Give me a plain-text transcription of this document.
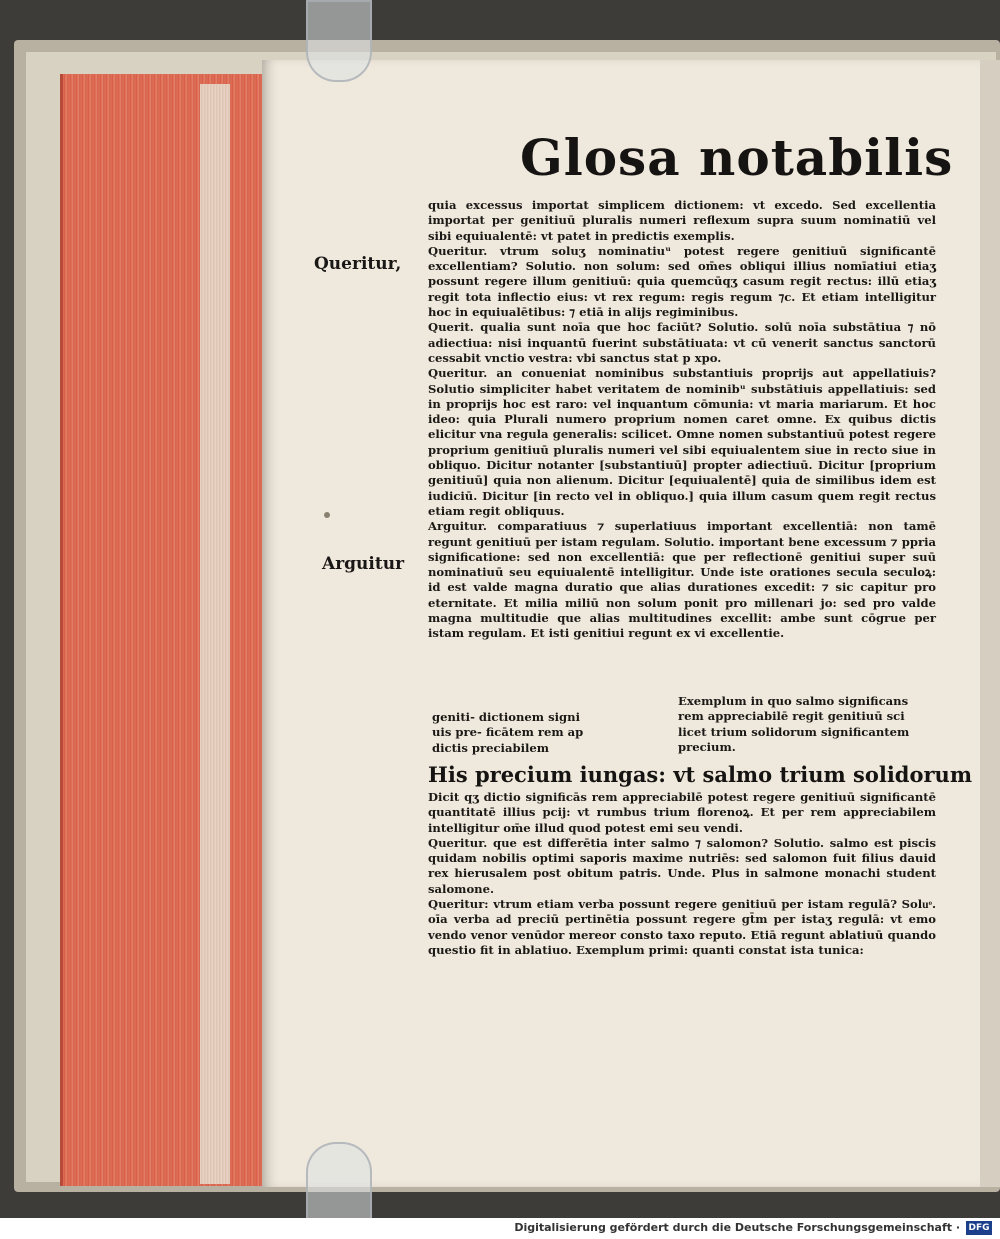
Glosa notabilis
Queritur,
Arguitur

quia excessus importat simplicem dictionem: vt excedo. Sed excellentia importat per genitiuū pluralis numeri reflexum supra suum nominatiū vel sibi equiualentē: vt patet in predictis exemplis.

Queritur. vtrum soluʒ nominatiuᵘ potest regere genitiuū significantē excellentiam? Solutio. non solum: sed om̄es obliqui illius nomīatiui etiaʒ possunt regere illum genitiuū: quia quemcūqʒ casum regit rectus: illū etiaʒ regit tota inflectio eius: vt rex regum: regis regum ⁊c. Et etiam intelligitur hoc in equiualētibus: ⁊ etiā in alijs regiminibus.

Querit. qualia sunt noīa que hoc faciūt? Solutio. solū noīa substātiua ⁊ nō adiectiua: nisi inquantū fuerint substātiuata: vt cū venerit sanctus sanctorū cessabit vnctio vestra: vbi sanctus stat p xpo.

Queritur. an conueniat nominibus substantiuis proprijs aut appellatiuis? Solutio simpliciter habet veritatem de nominibᵘ substātiuis appellatiuis: sed in proprijs hoc est raro: vel inquantum cōmunia: vt maria mariarum. Et hoc ideo: quia Plurali numero proprium nomen caret omne. Ex quibus dictis elicitur vna regula generalis: scilicet. Omne nomen substantiuū potest regere proprium genitiuū pluralis numeri vel sibi equiualentem siue in recto siue in obliquo. Dicitur notanter [substantiuū] propter adiectiuū. Dicitur [proprium genitiuū] quia non alienum. Dicitur [equiualentē] quia de similibus idem est iudiciū. Dicitur [in recto vel in obliquo.] quia illum casum quem regit rectus etiam regit obliquus.

Arguitur. comparatiuus ⁊ superlatiuus important excellentiā: non tamē regunt genitiuū per istam regulam. Solutio. important bene excessum ⁊ ppria significatione: sed non excellentiā: que per reflectionē genitiui super suū nominatiuū seu equiualentē intelligitur. Unde iste orationes secula seculoꝝ: id est valde magna duratio que alias durationes excedit: ⁊ sic capitur pro eternitate. Et milia miliū non solum ponit pro millenari jo: sed pro valde magna multitudie que alias multitudines excellit: ambe sunt cōgrue per istam regulam. Et isti genitiui regunt ex vi excellentie.

geniti- dictionem signi
uis pre- ficātem rem ap
dictis preciabilem
Exemplum in quo salmo significans
rem appreciabilē regit genitiuū sci
licet trium solidorum significantem
precium.
His precium iungas: vt salmo trium solidorum

Dicit qʒ dictio significās rem appreciabilē potest regere genitiuū significantē quantitatē illius pcij: vt rumbus trium florenoꝝ. Et per rem appreciabilem intelligitur om̄e illud quod potest emi seu vendi.

Queritur. que est differētia inter salmo ⁊ salomon? Solutio. salmo est piscis quidam nobilis optimi saporis maxime nutriēs: sed salomon fuit filius dauid rex hierusalem post obitum patris. Unde. Plus in salmone monachi student salomone.

Queritur: vtrum etiam verba possunt regere genitiuū per istam regulā? Soluͦ. oīa verba ad preciū pertinētia possunt regere gt̄m per istaʒ regulā: vt emo vendo venor venūdor mereor consto taxo reputo. Etiā regunt ablatiuū quando questio fit in ablatiuo. Exemplum primi: quanti constat ista tunica:

Digitalisierung gefördert durch die Deutsche Forschungsgemeinschaft · DFG
